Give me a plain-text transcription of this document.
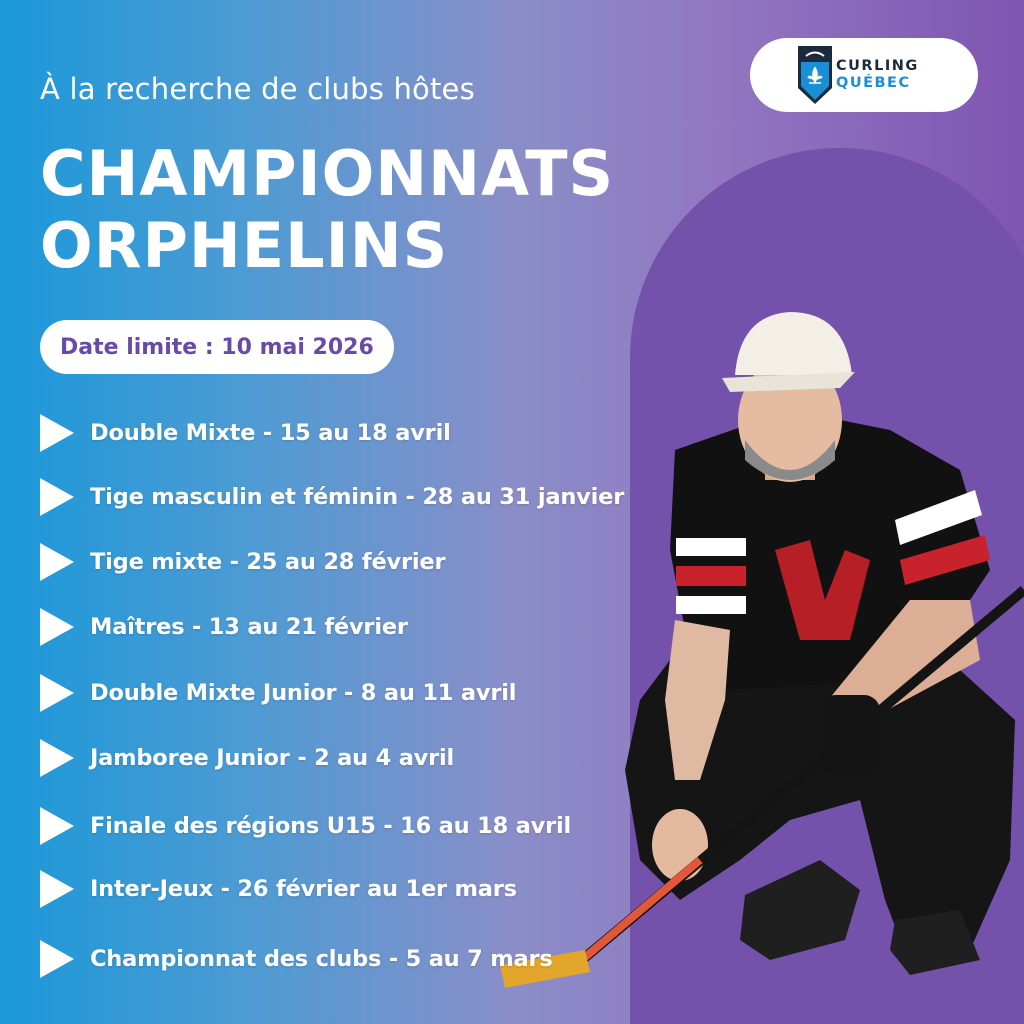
À la recherche de clubs hôtes
CHAMPIONNATS
ORPHELINS
Date limite : 10 mai 2026
Double Mixte - 15 au 18 avril
Tige masculin et féminin - 28 au 31 janvier
Tige mixte - 25 au 28 février
Maîtres - 13 au 21 février
Double Mixte Junior - 8 au 11 avril
Jamboree Junior - 2 au 4 avril
Finale des régions U15 - 16 au 18 avril
Inter-Jeux - 26 février au 1er mars
Championnat des clubs - 5 au 7 mars
CURLING
QUÉBEC
